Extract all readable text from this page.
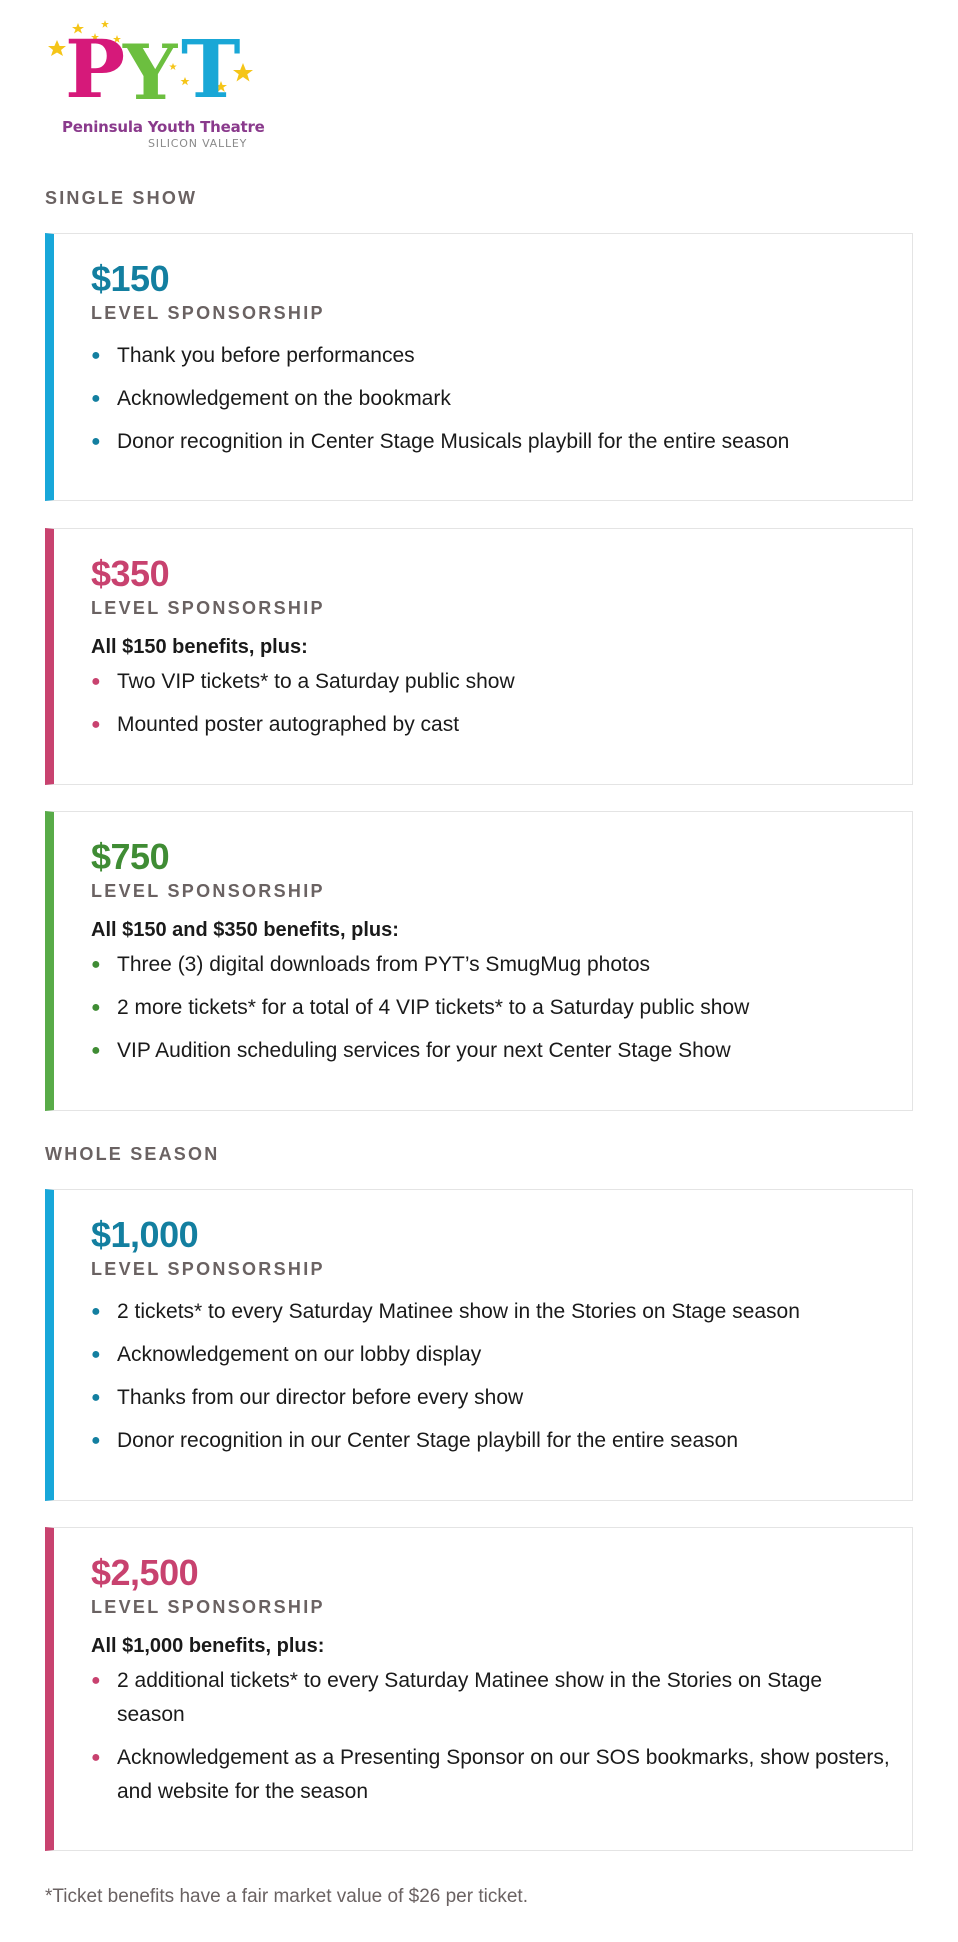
P
Y T
Peninsula Youth Theatre
SILICON VALLEY
SINGLE SHOW
$150
LEVEL SPONSORSHIP
● Thank you before performances
● Acknowledgement on the bookmark
● Donor recognition in Center Stage Musicals playbill for the entire season
$350
LEVEL SPONSORSHIP
All $150 benefits, plus:
● Two VIP tickets* to a Saturday public show
● Mounted poster autographed by cast
$750
LEVEL SPONSORSHIP
All $150 and $350 benefits, plus:
● Three (3) digital downloads from PYT’s SmugMug photos
● 2 more tickets* for a total of 4 VIP tickets* to a Saturday public show
● VIP Audition scheduling services for your next Center Stage Show
WHOLE SEASON
$1,000
LEVEL SPONSORSHIP
● 2 tickets* to every Saturday Matinee show in the Stories on Stage season
● Acknowledgement on our lobby display
● Thanks from our director before every show
● Donor recognition in our Center Stage playbill for the entire season
$2,500
LEVEL SPONSORSHIP
All $1,000 benefits, plus:
● 2 additional tickets* to every Saturday Matinee show in the Stories on Stage season
● Acknowledgement as a Presenting Sponsor on our SOS bookmarks, show posters, and website for the season
*Ticket benefits have a fair market value of $26 per ticket.
